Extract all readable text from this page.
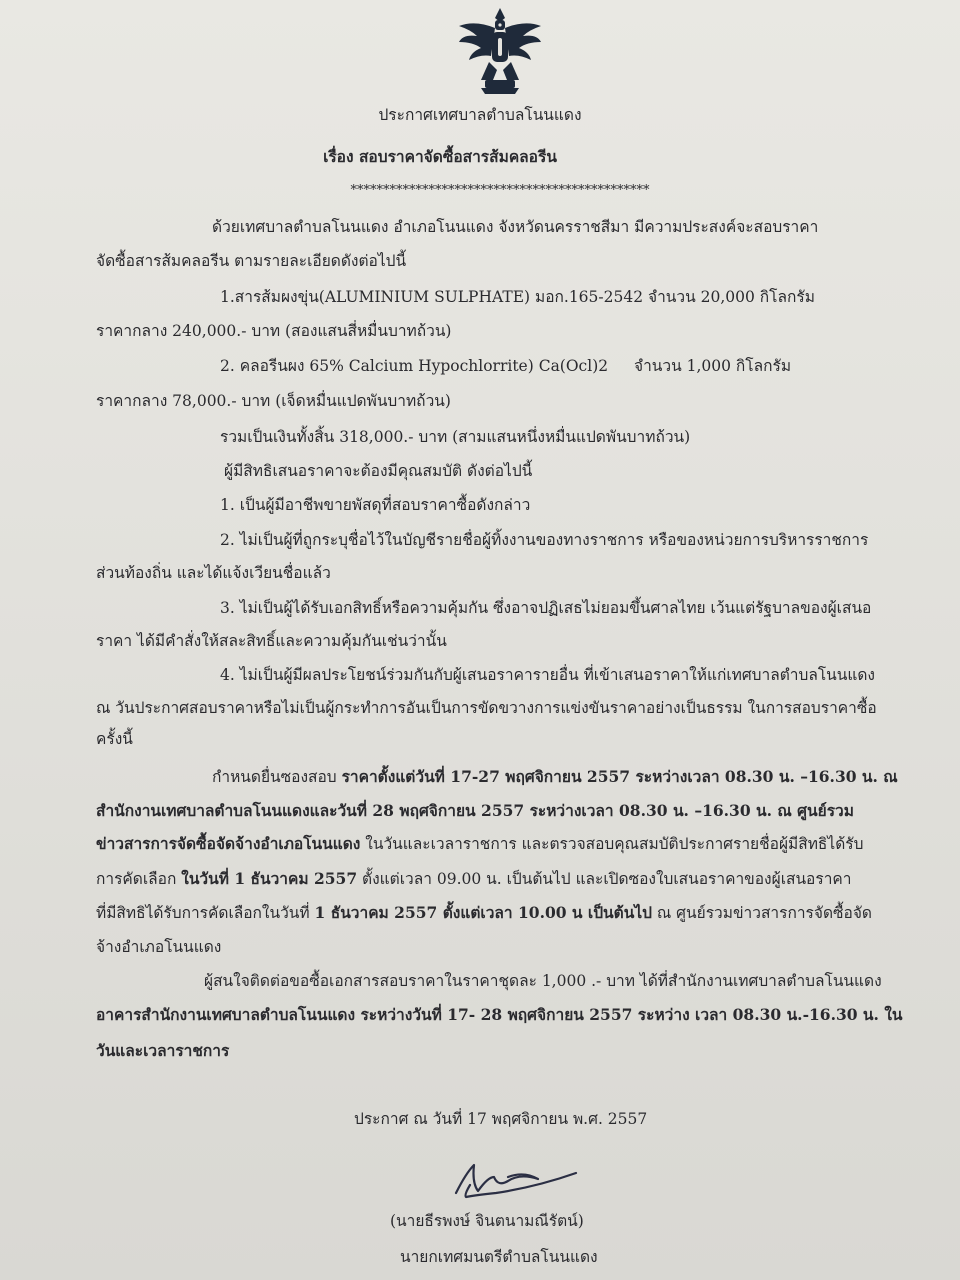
ประกาศเทศบาลตำบลโนนแดง
เรื่อง สอบราคาจัดซื้อสารส้มคลอรีน
**********************************************
ด้วยเทศบาลตำบลโนนแดง อำเภอโนนแดง จังหวัดนครราชสีมา มีความประสงค์จะสอบราคา
จัดซื้อสารส้มคลอรีน ตามรายละเอียดดังต่อไปนี้
1.สารส้มผงขุ่น(ALUMINIUM SULPHATE) มอก.165-2542 จำนวน 20,000 กิโลกรัม
ราคากลาง 240,000.- บาท (สองแสนสี่หมื่นบาทถ้วน)
2. คลอรีนผง 65% Calcium Hypochlorrite) Ca(Ocl)2 จำนวน 1,000 กิโลกรัม
ราคากลาง 78,000.- บาท (เจ็ดหมื่นแปดพันบาทถ้วน)
รวมเป็นเงินทั้งสิ้น 318,000.- บาท (สามแสนหนึ่งหมื่นแปดพันบาทถ้วน)
ผู้มีสิทธิเสนอราคาจะต้องมีคุณสมบัติ ดังต่อไปนี้
1. เป็นผู้มีอาชีพขายพัสดุที่สอบราคาซื้อดังกล่าว
2. ไม่เป็นผู้ที่ถูกระบุชื่อไว้ในบัญชีรายชื่อผู้ทิ้งงานของทางราชการ หรือของหน่วยการบริหารราชการ
ส่วนท้องถิ่น และได้แจ้งเวียนชื่อแล้ว
3. ไม่เป็นผู้ได้รับเอกสิทธิ์หรือความคุ้มกัน ซึ่งอาจปฏิเสธไม่ยอมขึ้นศาลไทย เว้นแต่รัฐบาลของผู้เสนอ
ราคา ได้มีคำสั่งให้สละสิทธิ์และความคุ้มกันเช่นว่านั้น
4. ไม่เป็นผู้มีผลประโยชน์ร่วมกันกับผู้เสนอราคารายอื่น ที่เข้าเสนอราคาให้แก่เทศบาลตำบลโนนแดง
ณ วันประกาศสอบราคาหรือไม่เป็นผู้กระทำการอันเป็นการขัดขวางการแข่งขันราคาอย่างเป็นธรรม ในการสอบราคาซื้อ
ครั้งนี้
กำหนดยื่นซองสอบ ราคาตั้งแต่วันที่ 17-27 พฤศจิกายน 2557 ระหว่างเวลา 08.30 น. –16.30 น. ณ
สำนักงานเทศบาลตำบลโนนแดงและวันที่ 28 พฤศจิกายน 2557 ระหว่างเวลา 08.30 น. –16.30 น. ณ ศูนย์รวม
ข่าวสารการจัดซื้อจัดจ้างอำเภอโนนแดง ในวันและเวลาราชการ และตรวจสอบคุณสมบัติประกาศรายชื่อผู้มีสิทธิได้รับ
การคัดเลือก ในวันที่ 1 ธันวาคม 2557 ตั้งแต่เวลา 09.00 น. เป็นต้นไป และเปิดซองใบเสนอราคาของผู้เสนอราคา
ที่มีสิทธิได้รับการคัดเลือกในวันที่ 1 ธันวาคม 2557 ตั้งแต่เวลา 10.00 น เป็นต้นไป ณ ศูนย์รวมข่าวสารการจัดซื้อจัด
จ้างอำเภอโนนแดง
ผู้สนใจติดต่อขอซื้อเอกสารสอบราคาในราคาชุดละ 1,000 .- บาท ได้ที่สำนักงานเทศบาลตำบลโนนแดง
อาคารสำนักงานเทศบาลตำบลโนนแดง ระหว่างวันที่ 17- 28 พฤศจิกายน 2557 ระหว่าง เวลา 08.30 น.-16.30 น. ใน
วันและเวลาราชการ
ประกาศ ณ วันที่ 17 พฤศจิกายน พ.ศ. 2557
(นายธีรพงษ์ จินตนามณีรัตน์)
นายกเทศมนตรีตำบลโนนแดง
